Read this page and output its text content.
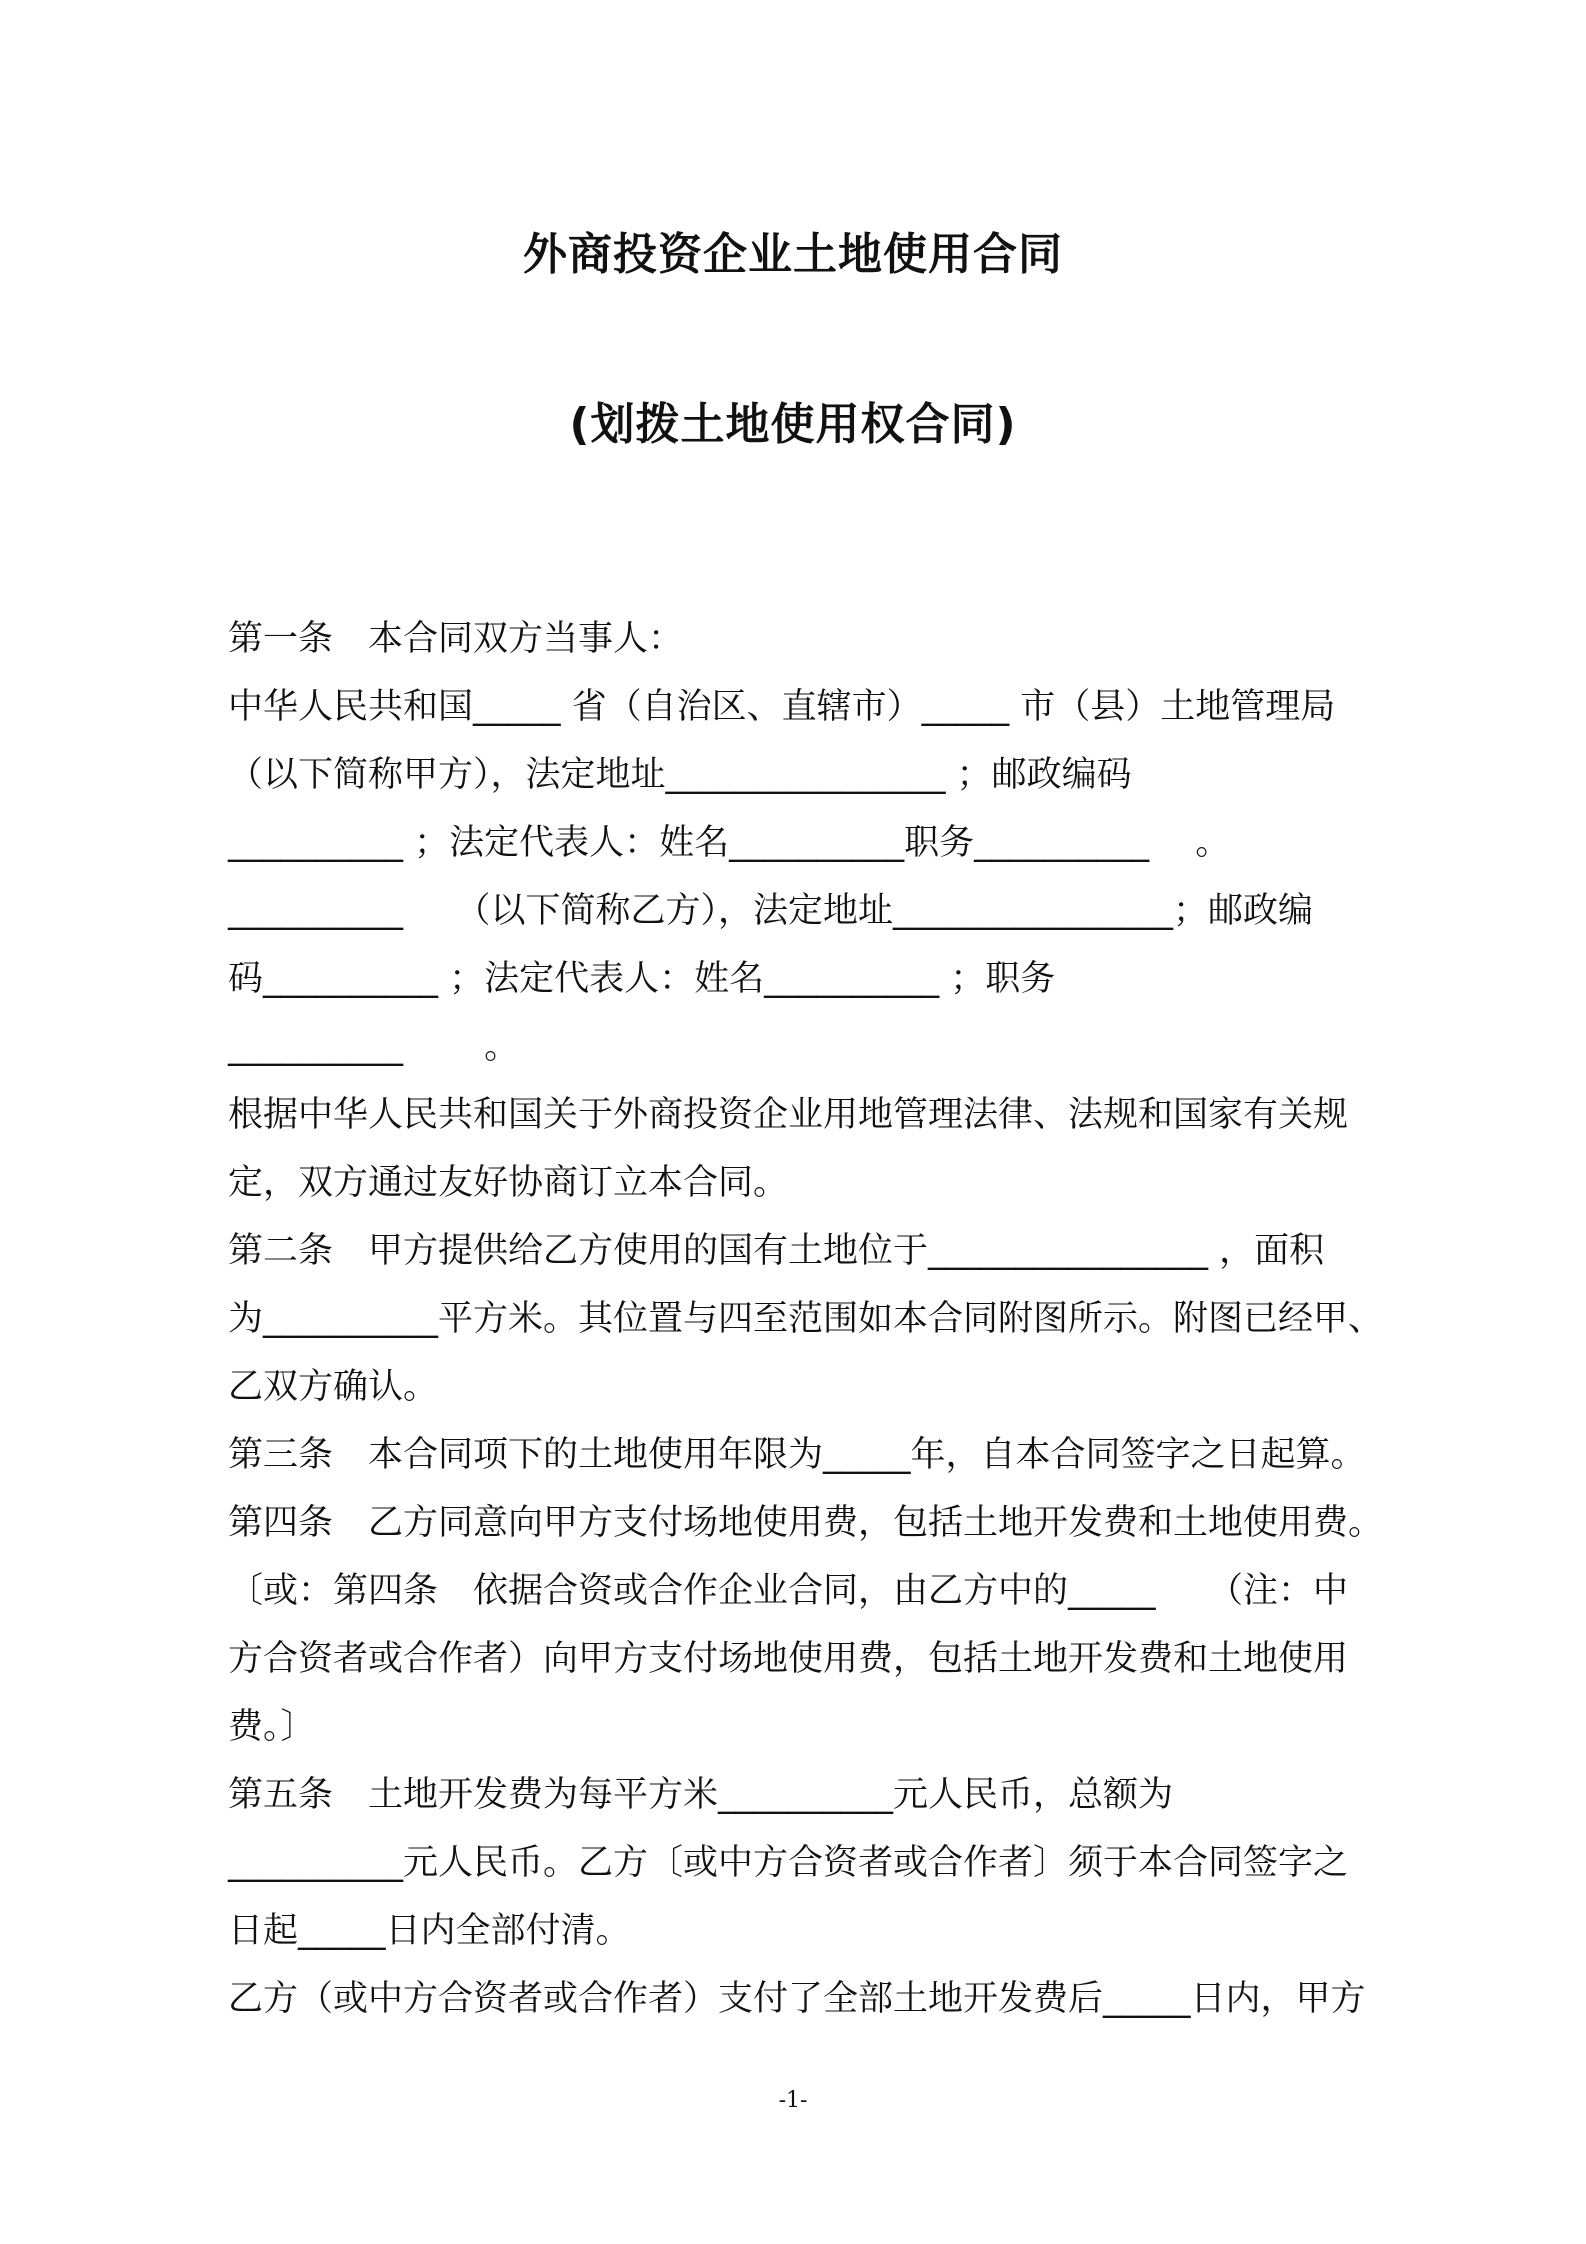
外商投资企业土地使用合同
(划拨土地使用权合同)
第一条　本合同双方当事人：
中华人民共和国_____ 省（自治区、直辖市）_____ 市（县）土地管理局
（以下简称甲方），法定地址________________ ；邮政编码
__________ ；法定代表人：姓名__________职务__________　 。
__________　　（以下简称乙方），法定地址________________；邮政编
码__________ ；法定代表人：姓名__________ ；职务
__________　　 。
根据中华人民共和国关于外商投资企业用地管理法律、法规和国家有关规
定，双方通过友好协商订立本合同。
第二条　甲方提供给乙方使用的国有土地位于________________ ，面积
为__________平方米。其位置与四至范围如本合同附图所示。附图已经甲、
乙双方确认。
第三条　本合同项下的土地使用年限为_____年，自本合同签字之日起算。
第四条　乙方同意向甲方支付场地使用费，包括土地开发费和土地使用费。
〔或：第四条　依据合资或合作企业合同，由乙方中的_____　　（注：中
方合资者或合作者）向甲方支付场地使用费，包括土地开发费和土地使用
费。〕
第五条　土地开发费为每平方米__________元人民币，总额为
__________元人民币。乙方〔或中方合资者或合作者〕须于本合同签字之
日起_____日内全部付清。
乙方（或中方合资者或合作者）支付了全部土地开发费后_____日内，甲方
-1-
